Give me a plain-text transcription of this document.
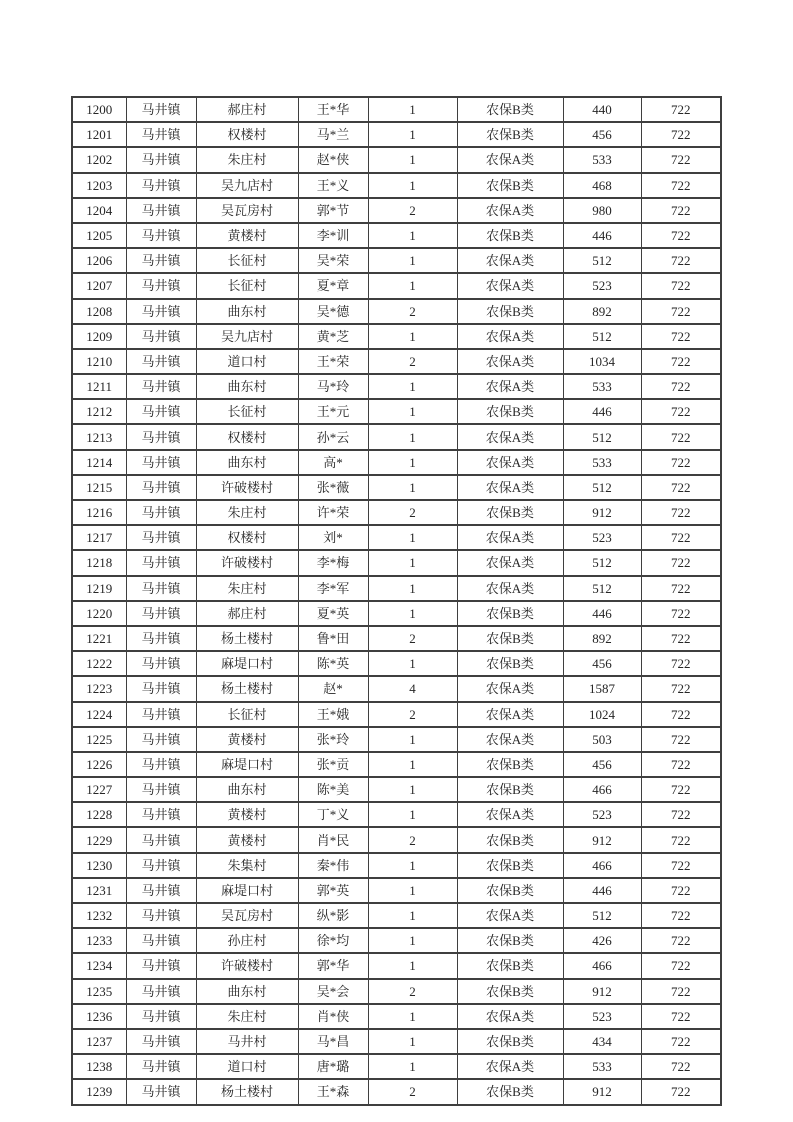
1200	马井镇	郝庄村	王*华	1	农保B类	440	722
1201	马井镇	权楼村	马*兰	1	农保B类	456	722
1202	马井镇	朱庄村	赵*侠	1	农保A类	533	722
1203	马井镇	吴九店村	王*义	1	农保B类	468	722
1204	马井镇	吴瓦房村	郭*节	2	农保A类	980	722
1205	马井镇	黄楼村	李*训	1	农保B类	446	722
1206	马井镇	长征村	吴*荣	1	农保A类	512	722
1207	马井镇	长征村	夏*章	1	农保A类	523	722
1208	马井镇	曲东村	吴*德	2	农保B类	892	722
1209	马井镇	吴九店村	黄*芝	1	农保A类	512	722
1210	马井镇	道口村	王*荣	2	农保A类	1034	722
1211	马井镇	曲东村	马*玲	1	农保A类	533	722
1212	马井镇	长征村	王*元	1	农保B类	446	722
1213	马井镇	权楼村	孙*云	1	农保A类	512	722
1214	马井镇	曲东村	高*	1	农保A类	533	722
1215	马井镇	许破楼村	张*薇	1	农保A类	512	722
1216	马井镇	朱庄村	许*荣	2	农保B类	912	722
1217	马井镇	权楼村	刘*	1	农保A类	523	722
1218	马井镇	许破楼村	李*梅	1	农保A类	512	722
1219	马井镇	朱庄村	李*军	1	农保A类	512	722
1220	马井镇	郝庄村	夏*英	1	农保B类	446	722
1221	马井镇	杨土楼村	鲁*田	2	农保B类	892	722
1222	马井镇	麻堤口村	陈*英	1	农保B类	456	722
1223	马井镇	杨土楼村	赵*	4	农保A类	1587	722
1224	马井镇	长征村	王*娥	2	农保A类	1024	722
1225	马井镇	黄楼村	张*玲	1	农保A类	503	722
1226	马井镇	麻堤口村	张*贡	1	农保B类	456	722
1227	马井镇	曲东村	陈*美	1	农保B类	466	722
1228	马井镇	黄楼村	丁*义	1	农保A类	523	722
1229	马井镇	黄楼村	肖*民	2	农保B类	912	722
1230	马井镇	朱集村	秦*伟	1	农保B类	466	722
1231	马井镇	麻堤口村	郭*英	1	农保B类	446	722
1232	马井镇	吴瓦房村	纵*影	1	农保A类	512	722
1233	马井镇	孙庄村	徐*均	1	农保B类	426	722
1234	马井镇	许破楼村	郭*华	1	农保B类	466	722
1235	马井镇	曲东村	吴*会	2	农保B类	912	722
1236	马井镇	朱庄村	肖*侠	1	农保A类	523	722
1237	马井镇	马井村	马*昌	1	农保B类	434	722
1238	马井镇	道口村	唐*璐	1	农保A类	533	722
1239	马井镇	杨土楼村	王*森	2	农保B类	912	722
